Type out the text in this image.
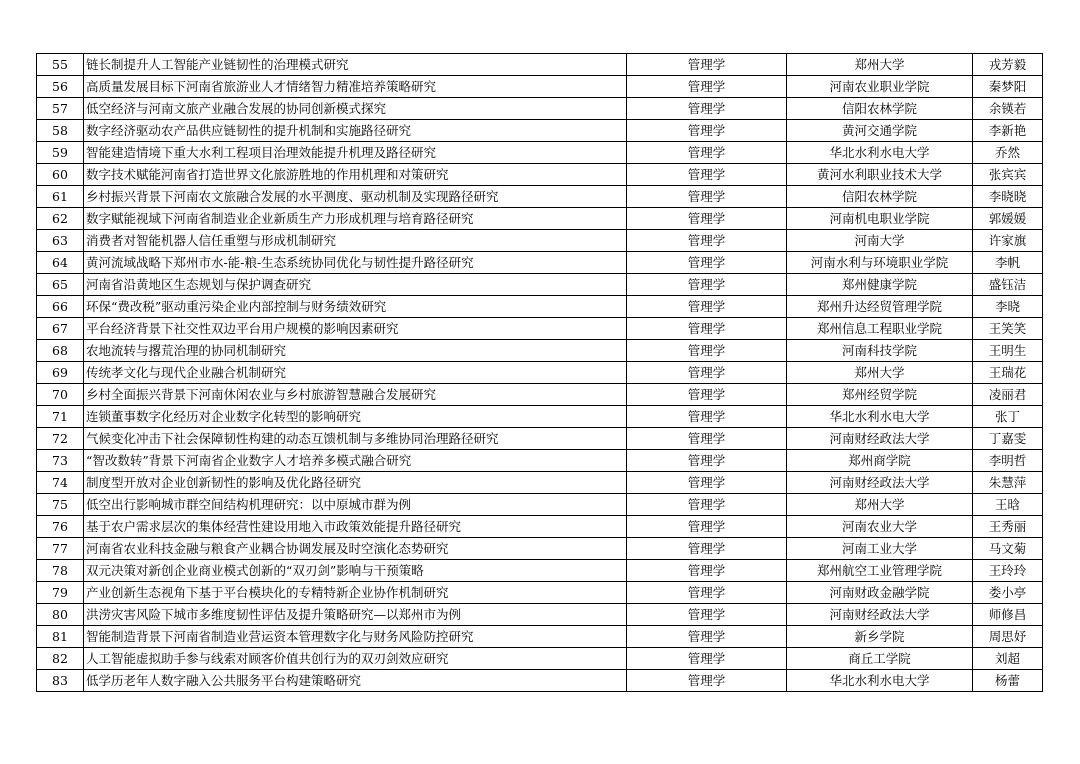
55	链长制提升人工智能产业链韧性的治理模式研究	管理学	郑州大学	戎芳毅
56	高质量发展目标下河南省旅游业人才情绪智力精准培养策略研究	管理学	河南农业职业学院	秦梦阳
57	低空经济与河南文旅产业融合发展的协同创新模式探究	管理学	信阳农林学院	余锳若
58	数字经济驱动农产品供应链韧性的提升机制和实施路径研究	管理学	黄河交通学院	李新艳
59	智能建造情境下重大水利工程项目治理效能提升机理及路径研究	管理学	华北水利水电大学	乔然
60	数字技术赋能河南省打造世界文化旅游胜地的作用机理和对策研究	管理学	黄河水利职业技术大学	张宾宾
61	乡村振兴背景下河南农文旅融合发展的水平测度、驱动机制及实现路径研究	管理学	信阳农林学院	李晓晓
62	数字赋能视域下河南省制造业企业新质生产力形成机理与培育路径研究	管理学	河南机电职业学院	郭媛媛
63	消费者对智能机器人信任重塑与形成机制研究	管理学	河南大学	许家旗
64	黄河流域战略下郑州市水-能-粮-生态系统协同优化与韧性提升路径研究	管理学	河南水利与环境职业学院	李帆
65	河南省沿黄地区生态规划与保护调查研究	管理学	郑州健康学院	盛钰洁
66	环保“费改税”驱动重污染企业内部控制与财务绩效研究	管理学	郑州升达经贸管理学院	李晓
67	平台经济背景下社交性双边平台用户规模的影响因素研究	管理学	郑州信息工程职业学院	王笑笑
68	农地流转与撂荒治理的协同机制研究	管理学	河南科技学院	王明生
69	传统孝文化与现代企业融合机制研究	管理学	郑州大学	王瑞花
70	乡村全面振兴背景下河南休闲农业与乡村旅游智慧融合发展研究	管理学	郑州经贸学院	凌丽君
71	连锁董事数字化经历对企业数字化转型的影响研究	管理学	华北水利水电大学	张丁
72	气候变化冲击下社会保障韧性构建的动态互馈机制与多维协同治理路径研究	管理学	河南财经政法大学	丁嘉雯
73	“智改数转”背景下河南省企业数字人才培养多模式融合研究	管理学	郑州商学院	李明哲
74	制度型开放对企业创新韧性的影响及优化路径研究	管理学	河南财经政法大学	朱慧萍
75	低空出行影响城市群空间结构机理研究：以中原城市群为例	管理学	郑州大学	王晗
76	基于农户需求层次的集体经营性建设用地入市政策效能提升路径研究	管理学	河南农业大学	王秀丽
77	河南省农业科技金融与粮食产业耦合协调发展及时空演化态势研究	管理学	河南工业大学	马文菊
78	双元决策对新创企业商业模式创新的“双刃剑”影响与干预策略	管理学	郑州航空工业管理学院	王玲玲
79	产业创新生态视角下基于平台模块化的专精特新企业协作机制研究	管理学	河南财政金融学院	娄小亭
80	洪涝灾害风险下城市多维度韧性评估及提升策略研究—以郑州市为例	管理学	河南财经政法大学	师修昌
81	智能制造背景下河南省制造业营运资本管理数字化与财务风险防控研究	管理学	新乡学院	周思妤
82	人工智能虚拟助手参与线索对顾客价值共创行为的双刃剑效应研究	管理学	商丘工学院	刘超
83	低学历老年人数字融入公共服务平台构建策略研究	管理学	华北水利水电大学	杨蕾
